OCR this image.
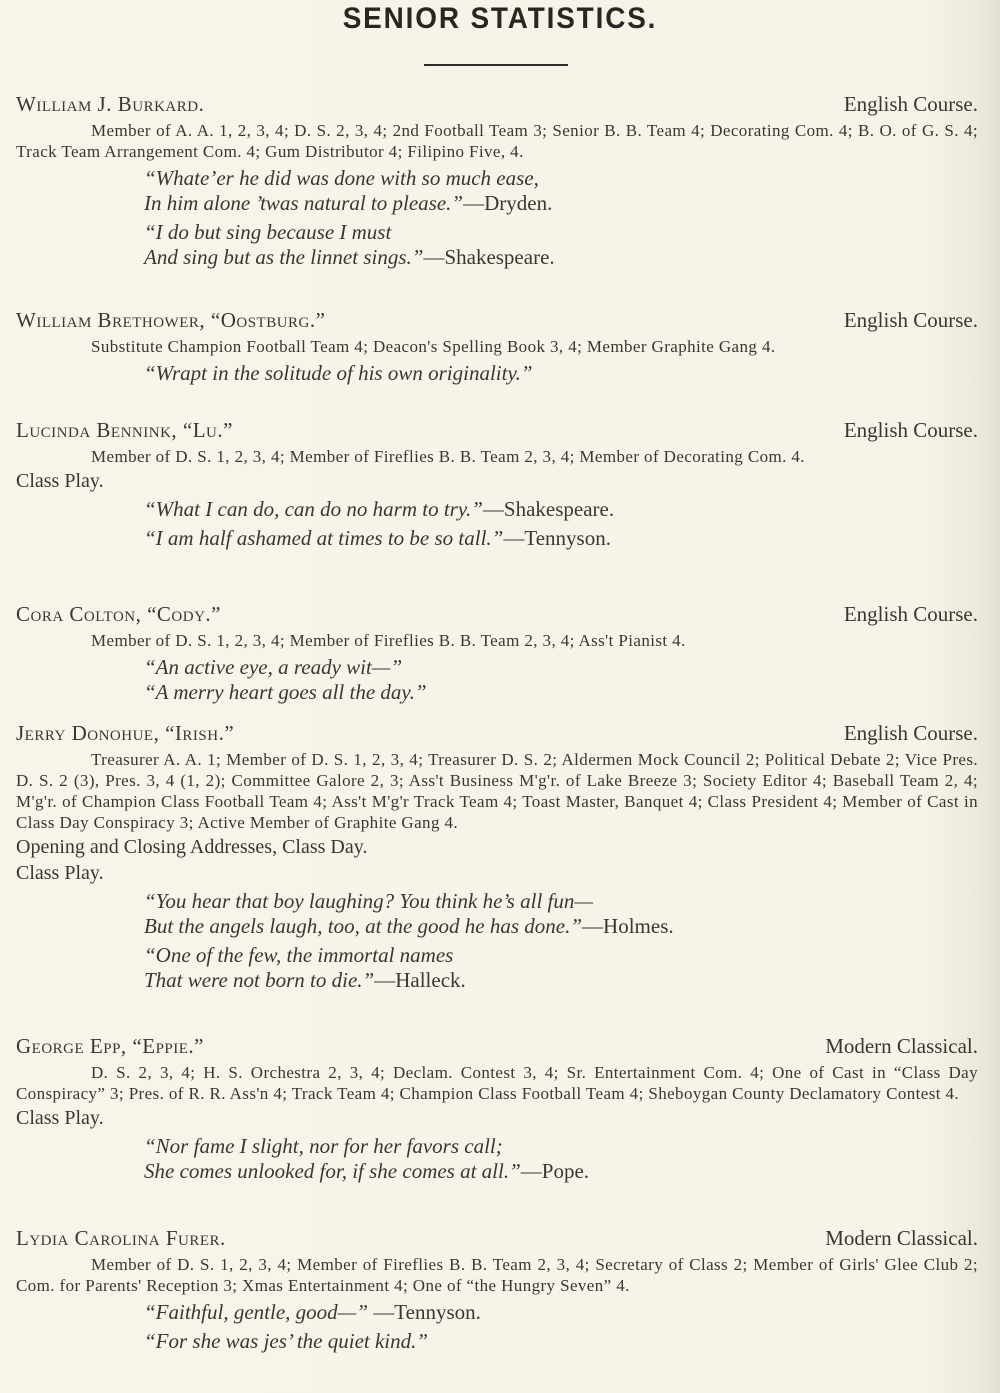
SENIOR STATISTICS.
William J. Burkard.	English Course.
Member of A. A. 1, 2, 3, 4; D. S. 2, 3, 4; 2nd Football Team 3; Senior B. B. Team 4; Decorating Com. 4; B. O. of G. S. 4; Track Team Arrangement Com. 4; Gum Distributor 4; Filipino Five, 4.
“Whate’er he did was done with so much ease,
In him alone ’twas natural to please.”—Dryden.
“I do but sing because I must
And sing but as the linnet sings.”—Shakespeare.
William Brethower, “Oostburg.”	English Course.
Substitute Champion Football Team 4; Deacon's Spelling Book 3, 4; Member Graphite Gang 4.
“Wrapt in the solitude of his own originality.”
Lucinda Bennink, “Lu.”	English Course.
Member of D. S. 1, 2, 3, 4; Member of Fireflies B. B. Team 2, 3, 4; Member of Decorating Com. 4.
Class Play.
“What I can do, can do no harm to try.”—Shakespeare.
“I am half ashamed at times to be so tall.”—Tennyson.
Cora Colton, “Cody.”	English Course.
Member of D. S. 1, 2, 3, 4; Member of Fireflies B. B. Team 2, 3, 4; Ass't Pianist 4.
“An active eye, a ready wit—”
“A merry heart goes all the day.”
Jerry Donohue, “Irish.”	English Course.
Treasurer A. A. 1; Member of D. S. 1, 2, 3, 4; Treasurer D. S. 2; Aldermen Mock Council 2; Political Debate 2; Vice Pres. D. S. 2 (3), Pres. 3, 4 (1, 2); Committee Galore 2, 3; Ass't Business M'g'r. of Lake Breeze 3; Society Editor 4; Baseball Team 2, 4; M'g'r. of Champion Class Football Team 4; Ass't M'g'r Track Team 4; Toast Master, Banquet 4; Class President 4; Member of Cast in Class Day Conspiracy 3; Active Member of Graphite Gang 4.
Opening and Closing Addresses, Class Day.
Class Play.
“You hear that boy laughing? You think he’s all fun—
But the angels laugh, too, at the good he has done.”—Holmes.
“One of the few, the immortal names
That were not born to die.”—Halleck.
George Epp, “Eppie.”	Modern Classical.
D. S. 2, 3, 4; H. S. Orchestra 2, 3, 4; Declam. Contest 3, 4; Sr. Entertainment Com. 4; One of Cast in “Class Day Conspiracy” 3; Pres. of R. R. Ass'n 4; Track Team 4; Champion Class Football Team 4; Sheboygan County Declamatory Contest 4.
Class Play.
“Nor fame I slight, nor for her favors call;
She comes unlooked for, if she comes at all.”—Pope.
Lydia Carolina Furer.	Modern Classical.
Member of D. S. 1, 2, 3, 4; Member of Fireflies B. B. Team 2, 3, 4; Secretary of Class 2; Member of Girls' Glee Club 2; Com. for Parents' Reception 3; Xmas Entertainment 4; One of “the Hungry Seven” 4.
“Faithful, gentle, good—” —Tennyson.
“For she was jes’ the quiet kind.”
